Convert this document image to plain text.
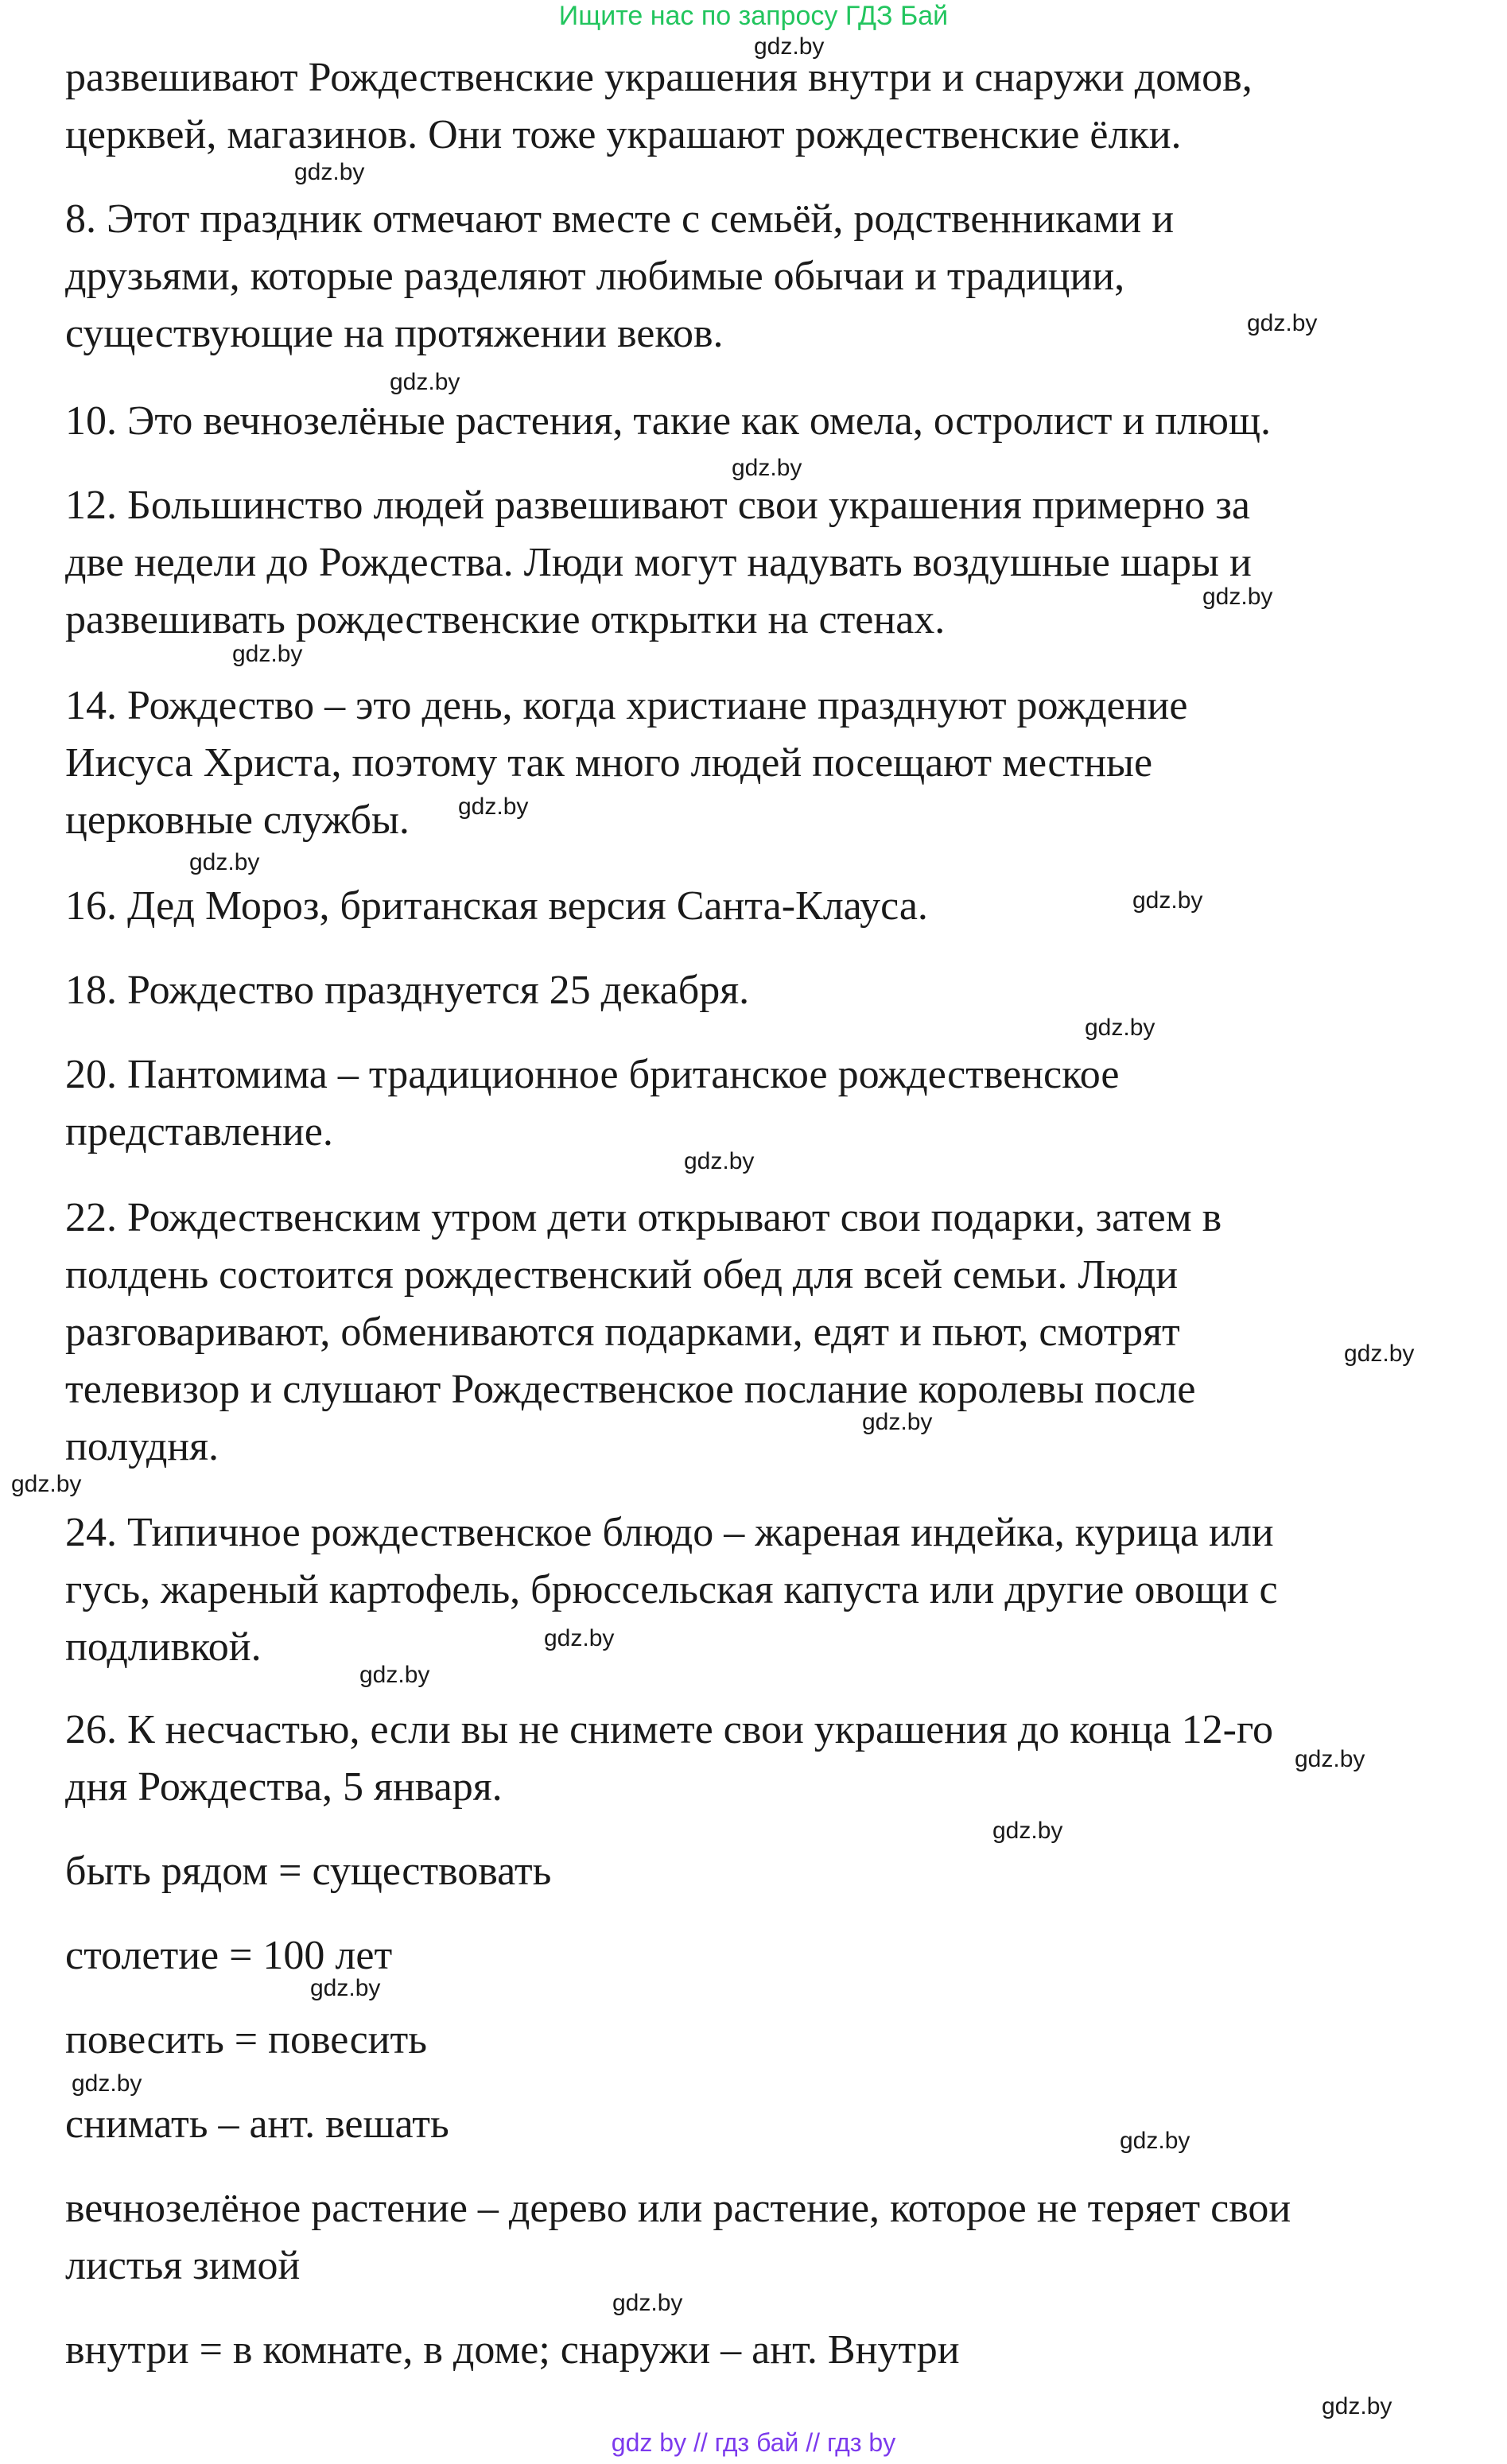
Ищите нас по запросу ГДЗ Бай
развешивают Рождественские украшения внутри и снаружи домов,
церквей, магазинов. Они тоже украшают рождественские ёлки.
8. Этот праздник отмечают вместе с семьёй, родственниками и
друзьями, которые разделяют любимые обычаи и традиции,
существующие на протяжении веков.
10. Это вечнозелёные растения, такие как омела, остролист и плющ.
12. Большинство людей развешивают свои украшения примерно за
две недели до Рождества. Люди могут надувать воздушные шары и
развешивать рождественские открытки на стенах.
14. Рождество – это день, когда христиане празднуют рождение
Иисуса Христа, поэтому так много людей посещают местные
церковные службы.
16. Дед Мороз, британская версия Санта-Клауса.
18. Рождество празднуется 25 декабря.
20. Пантомима – традиционное британское рождественское
представление.
22. Рождественским утром дети открывают свои подарки, затем в
полдень состоится рождественский обед для всей семьи. Люди
разговаривают, обмениваются подарками, едят и пьют, смотрят
телевизор и слушают Рождественское послание королевы после
полудня.
24. Типичное рождественское блюдо – жареная индейка, курица или
гусь, жареный картофель, брюссельская капуста или другие овощи с
подливкой.
26. К несчастью, если вы не снимете свои украшения до конца 12-го
дня Рождества, 5 января.
быть рядом = существовать
столетие = 100 лет
повесить = повесить
снимать – ант. вешать
вечнозелёное растение – дерево или растение, которое не теряет свои
листья зимой
внутри = в комнате, в доме; снаружи – ант. Внутри
gdz.by
gdz.by
gdz.by
gdz.by
gdz.by
gdz.by
gdz.by
gdz.by
gdz.by
gdz.by
gdz.by
gdz.by
gdz.by
gdz.by
gdz.by
gdz.by
gdz.by
gdz.by
gdz.by
gdz.by
gdz.by
gdz.by
gdz.by
gdz.by
gdz by // гдз бай // гдз by
